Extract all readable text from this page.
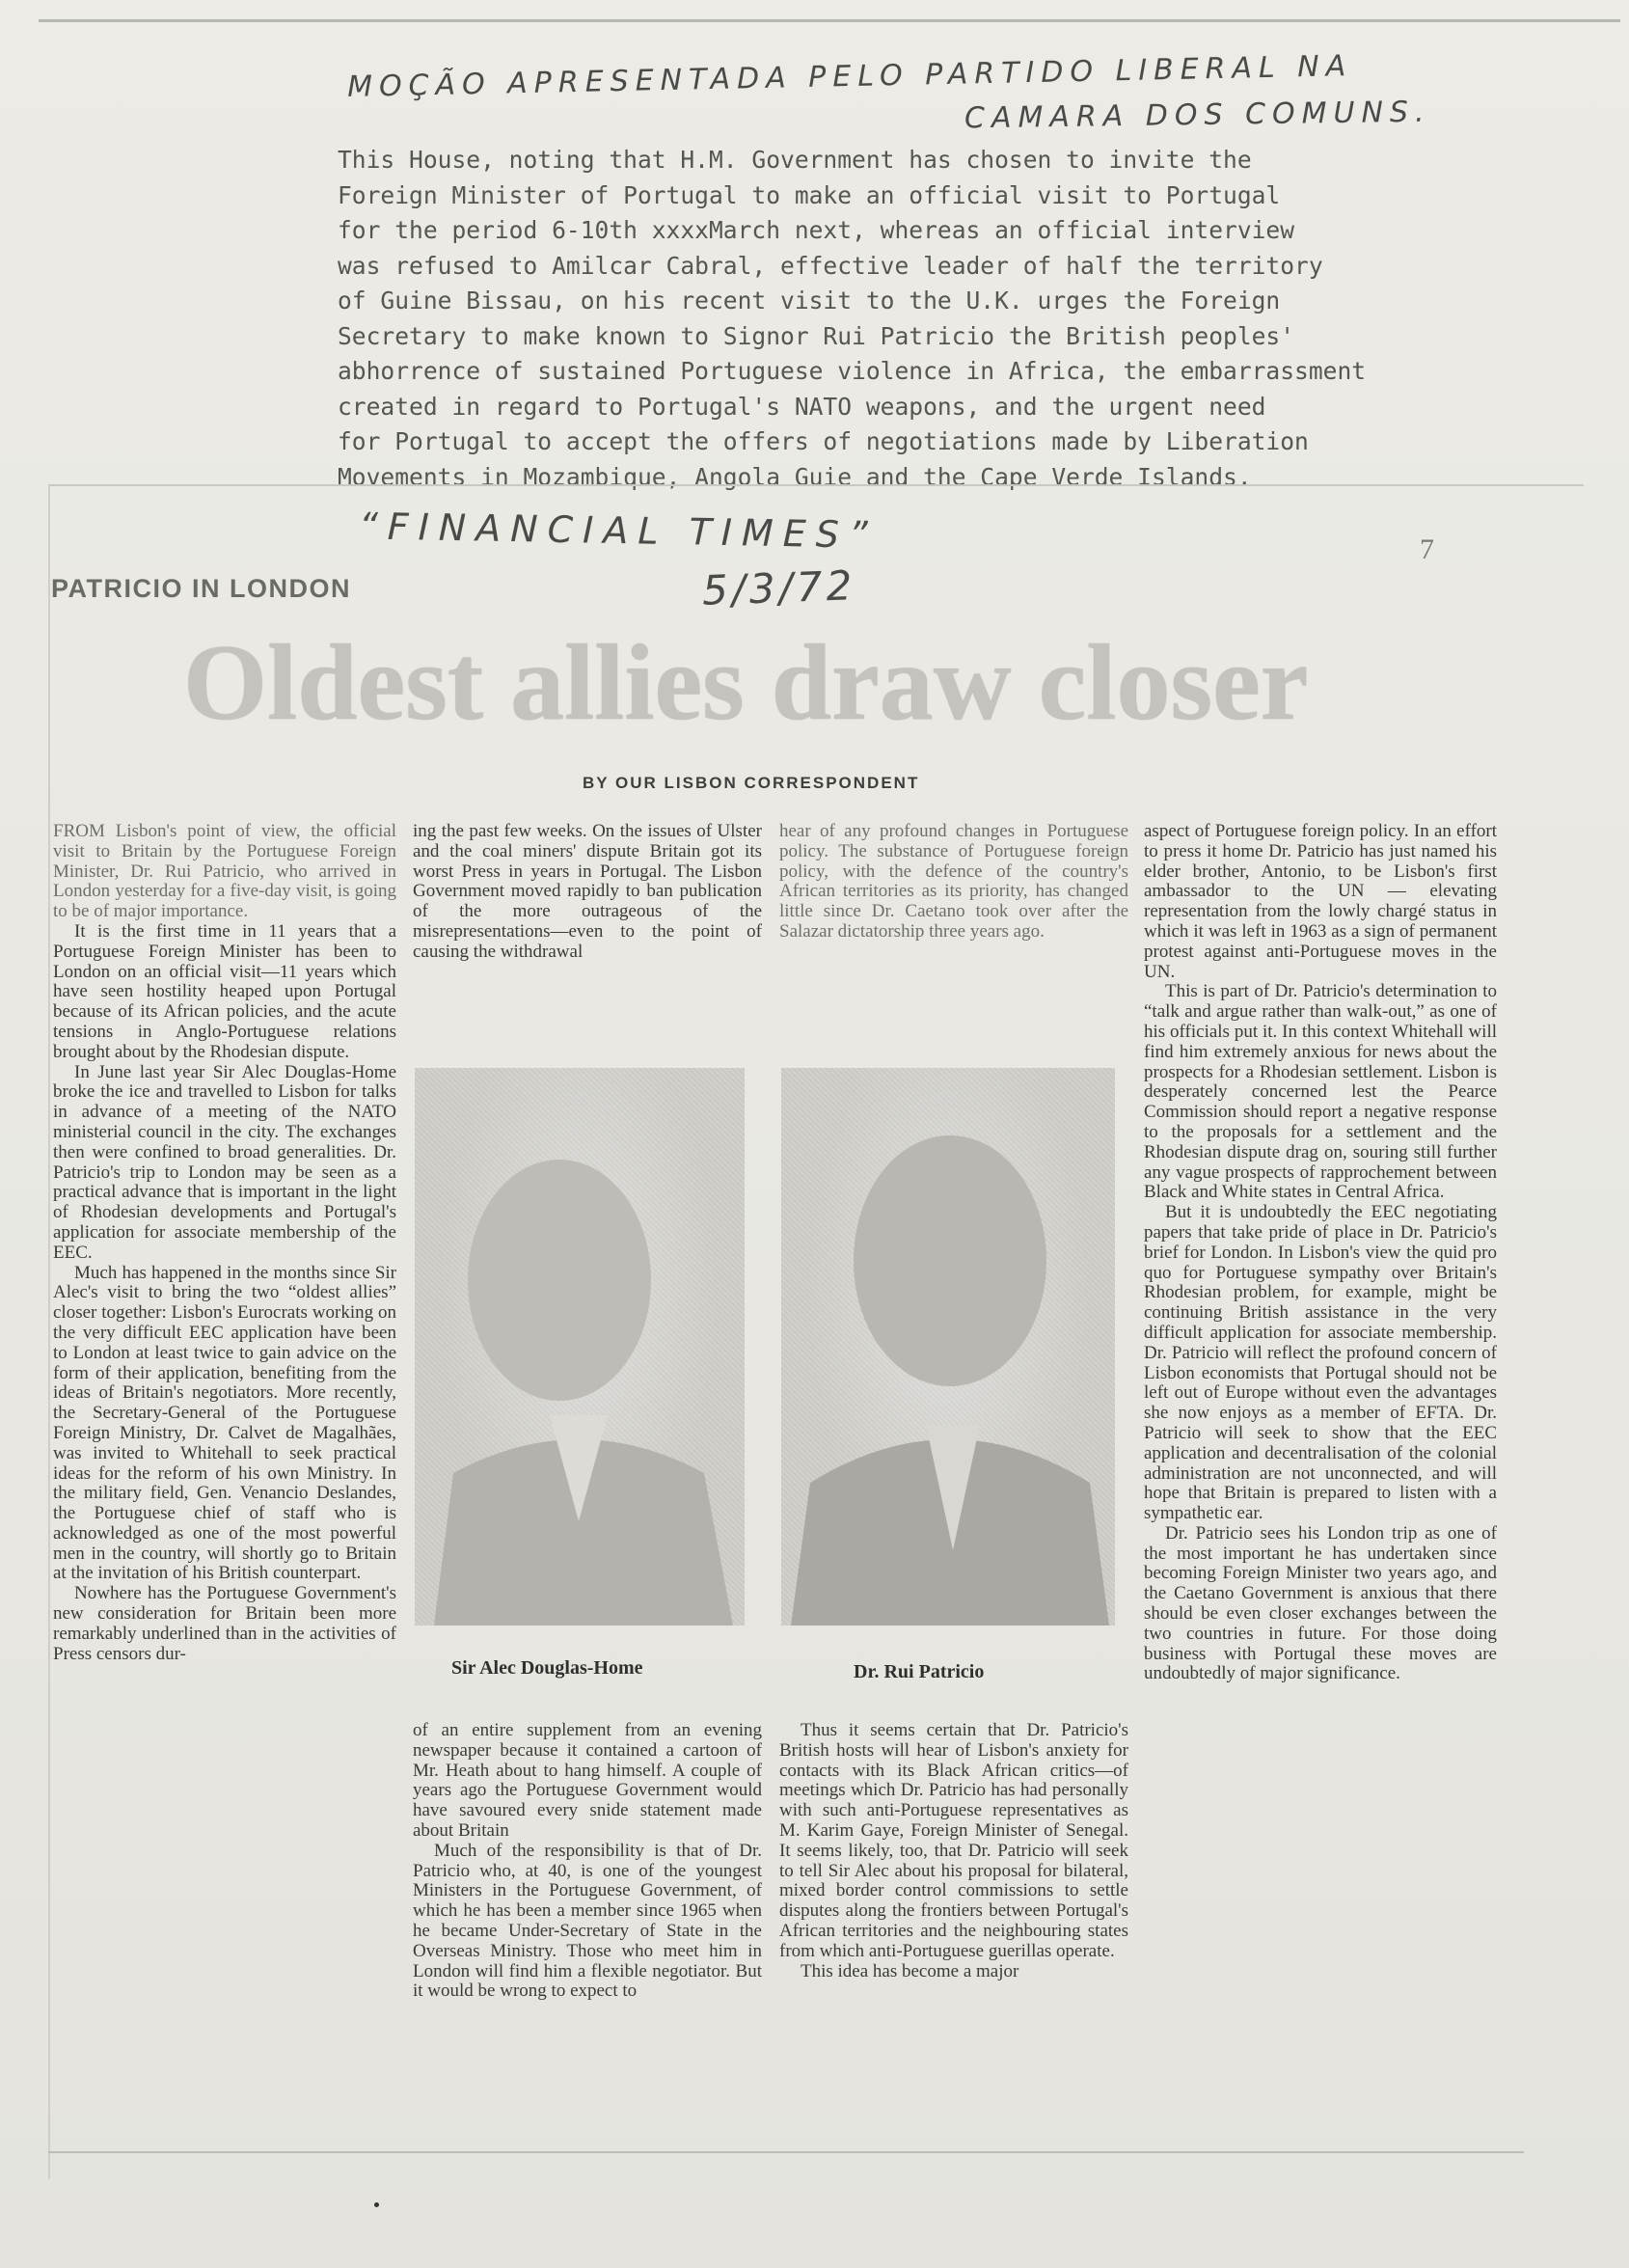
MOÇÃO APRESENTADA PELO PARTIDO LIBERAL NA
CAMARA DOS COMUNS.
This House, noting that H.M. Government has chosen to invite the
Foreign Minister of Portugal to make an official visit to Portugal
for the period 6-10th xxxxMarch next, whereas an official interview
was refused to Amilcar Cabral, effective leader of half the territory
of Guine Bissau, on his recent visit to the U.K. urges the Foreign
Secretary to make known to Signor Rui Patricio the British peoples'
abhorrence of sustained Portuguese violence in Africa, the embarrassment
created in regard to Portugal's NATO weapons, and the urgent need
for Portugal to accept the offers of negotiations made by Liberation
Movements in Mozambique, Angola Guie and the Cape Verde Islands.
“FINANCIAL TIMES”
5/3/72
PATRICIO IN LONDON
7
Oldest allies draw closer
BY OUR LISBON CORRESPONDENT

FROM Lisbon's point of view, the official visit to Britain by the Portuguese Foreign Minister, Dr. Rui Patricio, who arrived in London yesterday for a five-day visit, is going to be of major importance.

It is the first time in 11 years that a Portuguese Foreign Minister has been to London on an official visit—11 years which have seen hostility heaped upon Portugal because of its African policies, and the acute tensions in Anglo-Portuguese relations brought about by the Rhodesian dispute.

In June last year Sir Alec Douglas-Home broke the ice and travelled to Lisbon for talks in advance of a meeting of the NATO ministerial council in the city. The exchanges then were confined to broad generalities. Dr. Patricio's trip to London may be seen as a practical advance that is important in the light of Rhodesian developments and Portugal's application for associate membership of the EEC.

Much has happened in the months since Sir Alec's visit to bring the two “oldest allies” closer together: Lisbon's Eurocrats working on the very difficult EEC application have been to London at least twice to gain advice on the form of their application, benefiting from the ideas of Britain's negotiators. More recently, the Secretary-General of the Portuguese Foreign Ministry, Dr. Calvet de Magalhães, was invited to Whitehall to seek practical ideas for the reform of his own Ministry. In the military field, Gen. Venancio Deslandes, the Portuguese chief of staff who is acknowledged as one of the most powerful men in the country, will shortly go to Britain at the invitation of his British counterpart.

Nowhere has the Portuguese Government's new consideration for Britain been more remarkably underlined than in the activities of Press censors dur-

ing the past few weeks. On the issues of Ulster and the coal miners' dispute Britain got its worst Press in years in Portugal. The Lisbon Government moved rapidly to ban publication of the more outrageous of the misrepresentations—even to the point of causing the withdrawal

hear of any profound changes in Portuguese policy. The substance of Portuguese foreign policy, with the defence of the country's African territories as its priority, has changed little since Dr. Caetano took over after the Salazar dictatorship three years ago.

aspect of Portuguese foreign policy. In an effort to press it home Dr. Patricio has just named his elder brother, Antonio, to be Lisbon's first ambassador to the UN — elevating representation from the lowly chargé status in which it was left in 1963 as a sign of permanent protest against anti-Portuguese moves in the UN.

This is part of Dr. Patricio's determination to “talk and argue rather than walk-out,” as one of his officials put it. In this context Whitehall will find him extremely anxious for news about the prospects for a Rhodesian settlement. Lisbon is desperately concerned lest the Pearce Commission should report a negative response to the proposals for a settlement and the Rhodesian dispute drag on, souring still further any vague prospects of rapprochement between Black and White states in Central Africa.

But it is undoubtedly the EEC negotiating papers that take pride of place in Dr. Patricio's brief for London. In Lisbon's view the quid pro quo for Portuguese sympathy over Britain's Rhodesian problem, for example, might be continuing British assistance in the very difficult application for associate membership. Dr. Patricio will reflect the profound concern of Lisbon economists that Portugal should not be left out of Europe without even the advantages she now enjoys as a member of EFTA. Dr. Patricio will seek to show that the EEC application and decentralisation of the colonial administration are not unconnected, and will hope that Britain is prepared to listen with a sympathetic ear.

Dr. Patricio sees his London trip as one of the most important he has undertaken since becoming Foreign Minister two years ago, and the Caetano Government is anxious that there should be even closer exchanges between the two countries in future. For those doing business with Portugal these moves are undoubtedly of major significance.

Sir Alec Douglas-Home	Dr. Rui Patricio

of an entire supplement from an evening newspaper because it contained a cartoon of Mr. Heath about to hang himself. A couple of years ago the Portuguese Government would have savoured every snide statement made about Britain

Much of the responsibility is that of Dr. Patricio who, at 40, is one of the youngest Ministers in the Portuguese Government, of which he has been a member since 1965 when he became Under-Secretary of State in the Overseas Ministry. Those who meet him in London will find him a flexible negotiator. But it would be wrong to expect to

Thus it seems certain that Dr. Patricio's British hosts will hear of Lisbon's anxiety for contacts with its Black African critics—of meetings which Dr. Patricio has had personally with such anti-Portuguese representatives as M. Karim Gaye, Foreign Minister of Senegal. It seems likely, too, that Dr. Patricio will seek to tell Sir Alec about his proposal for bilateral, mixed border control commissions to settle disputes along the frontiers between Portugal's African territories and the neighbouring states from which anti-Portuguese guerillas operate.

This idea has become a major
